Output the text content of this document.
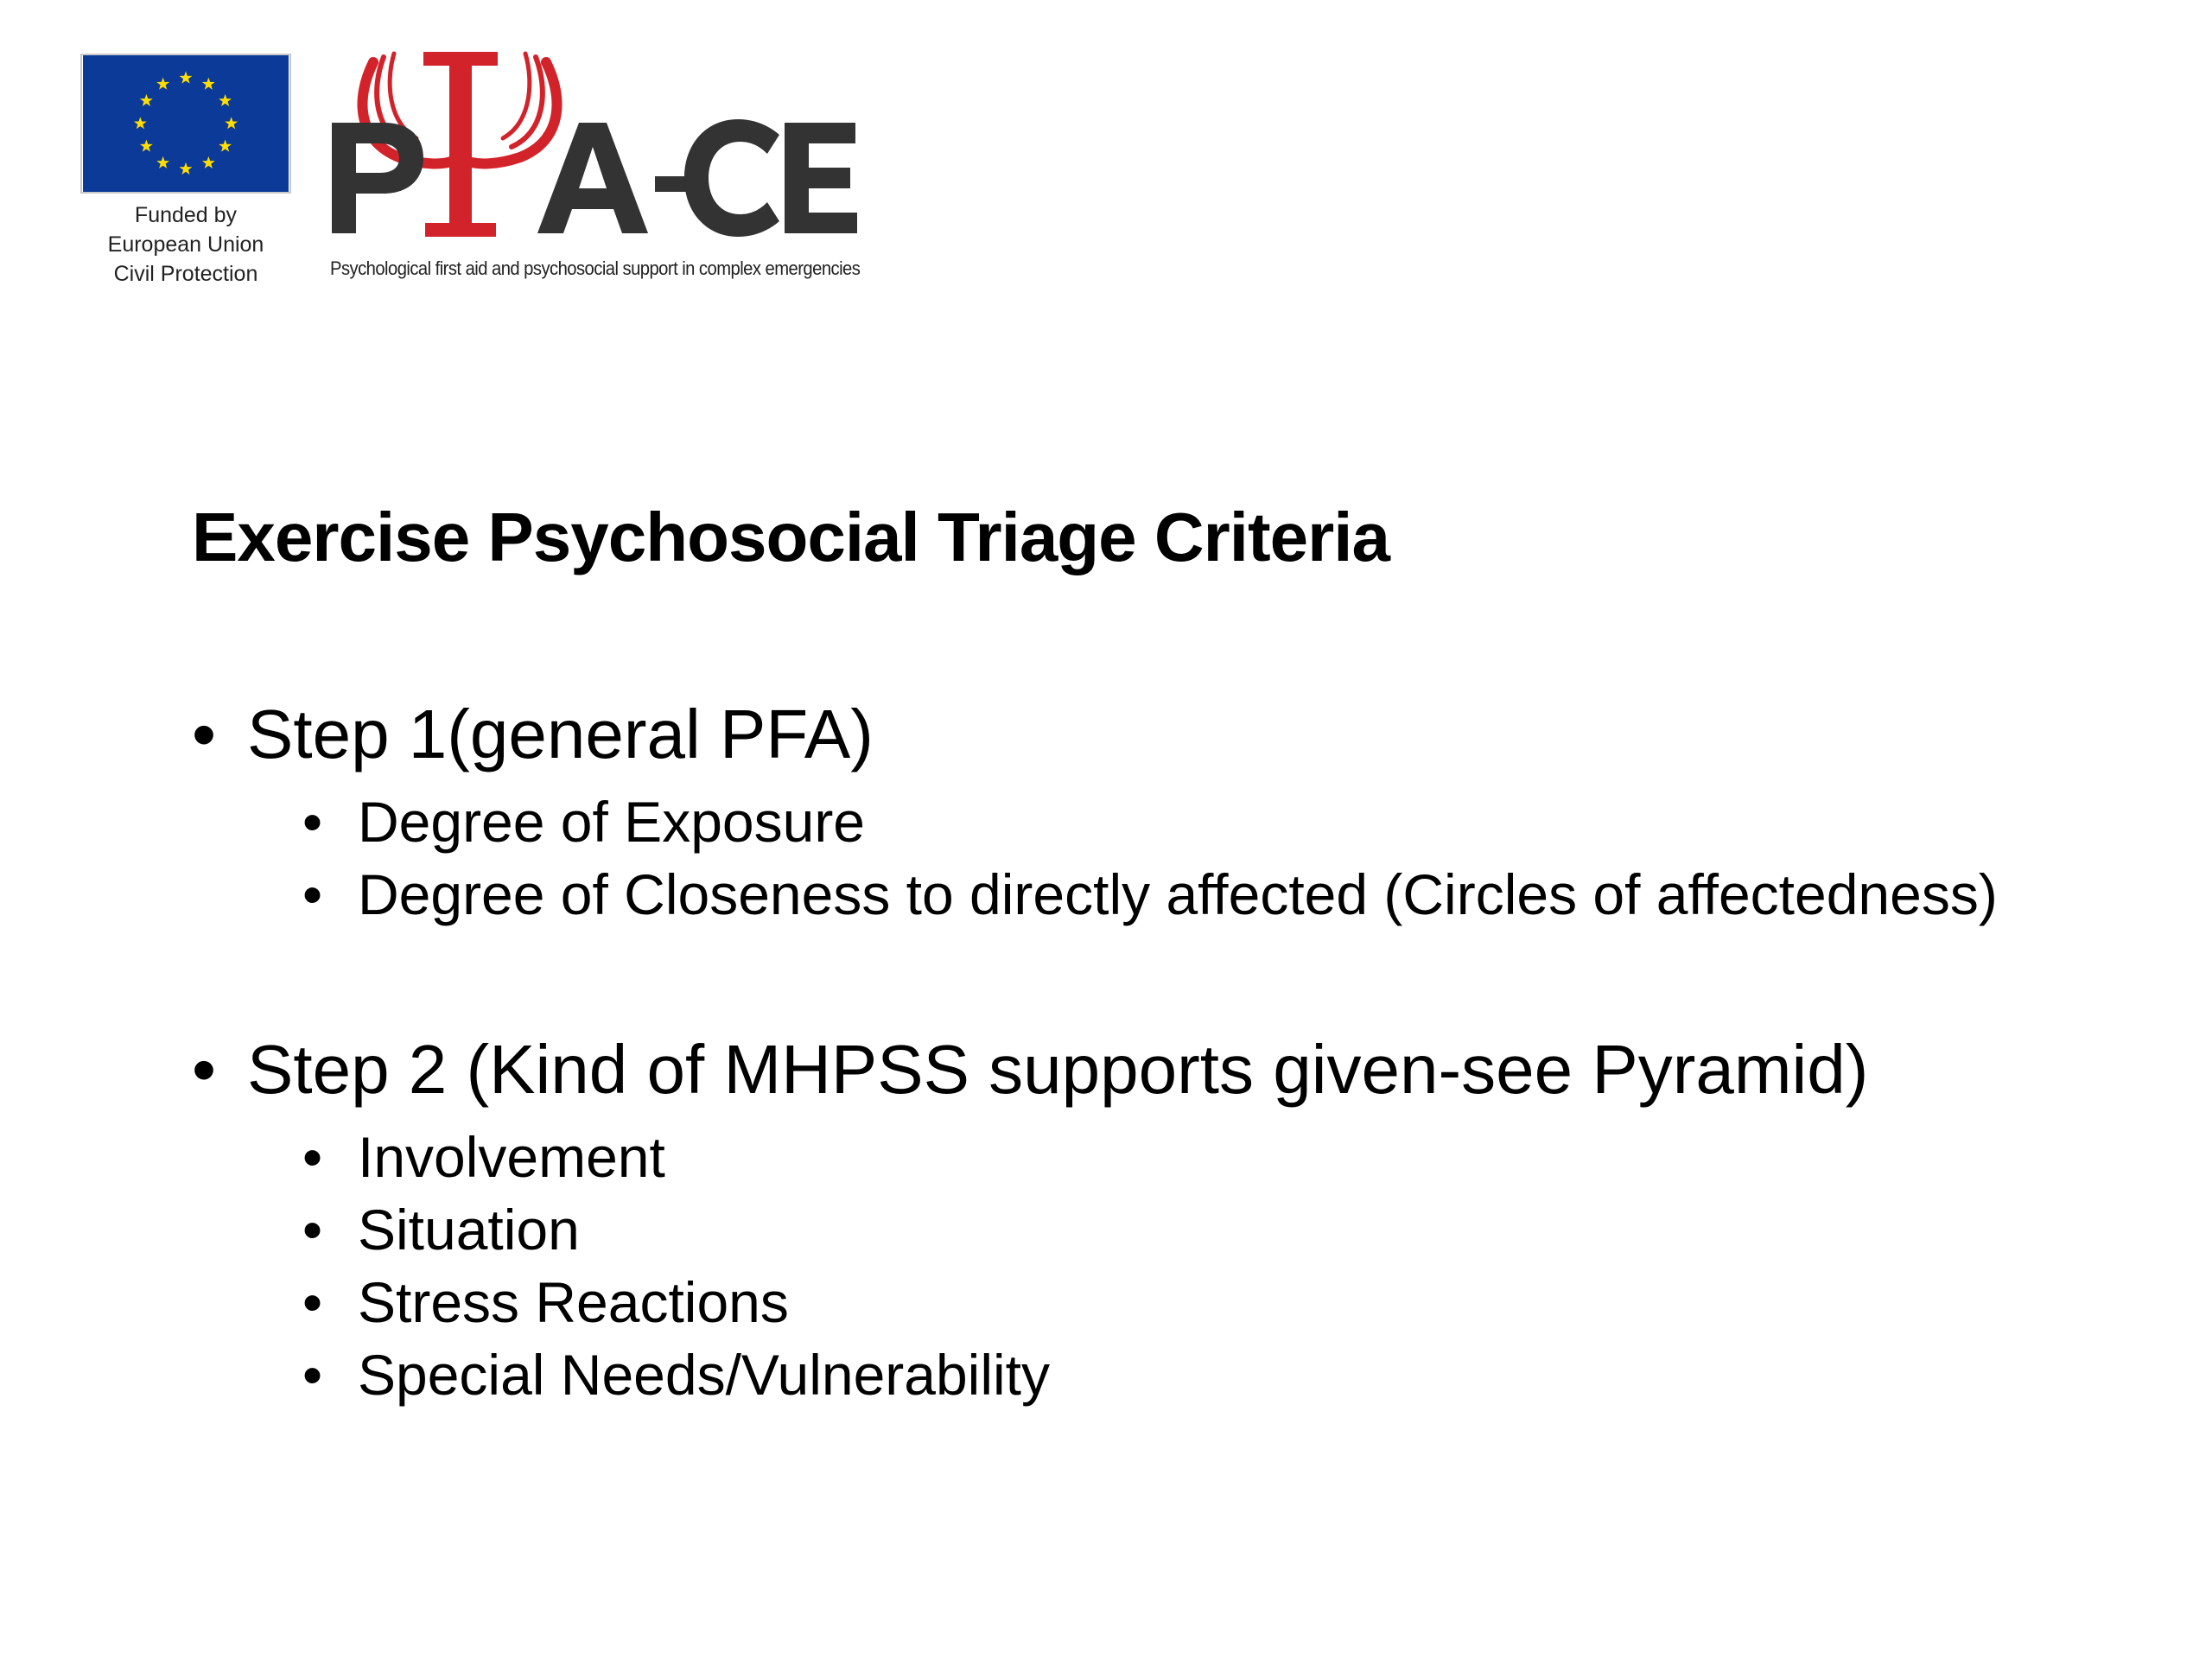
Funded by
European Union
Civil Protection	Psychological first aid and psychosocial support in complex emergencies
Exercise Psychosocial Triage Criteria
• Step 1(general PFA)
• Degree of Exposure
• Degree of Closeness to directly affected (Circles of affectedness)
• Step 2 (Kind of MHPSS supports given-see Pyramid)
• Involvement
• Situation
• Stress Reactions
• Special Needs/Vulnerability
